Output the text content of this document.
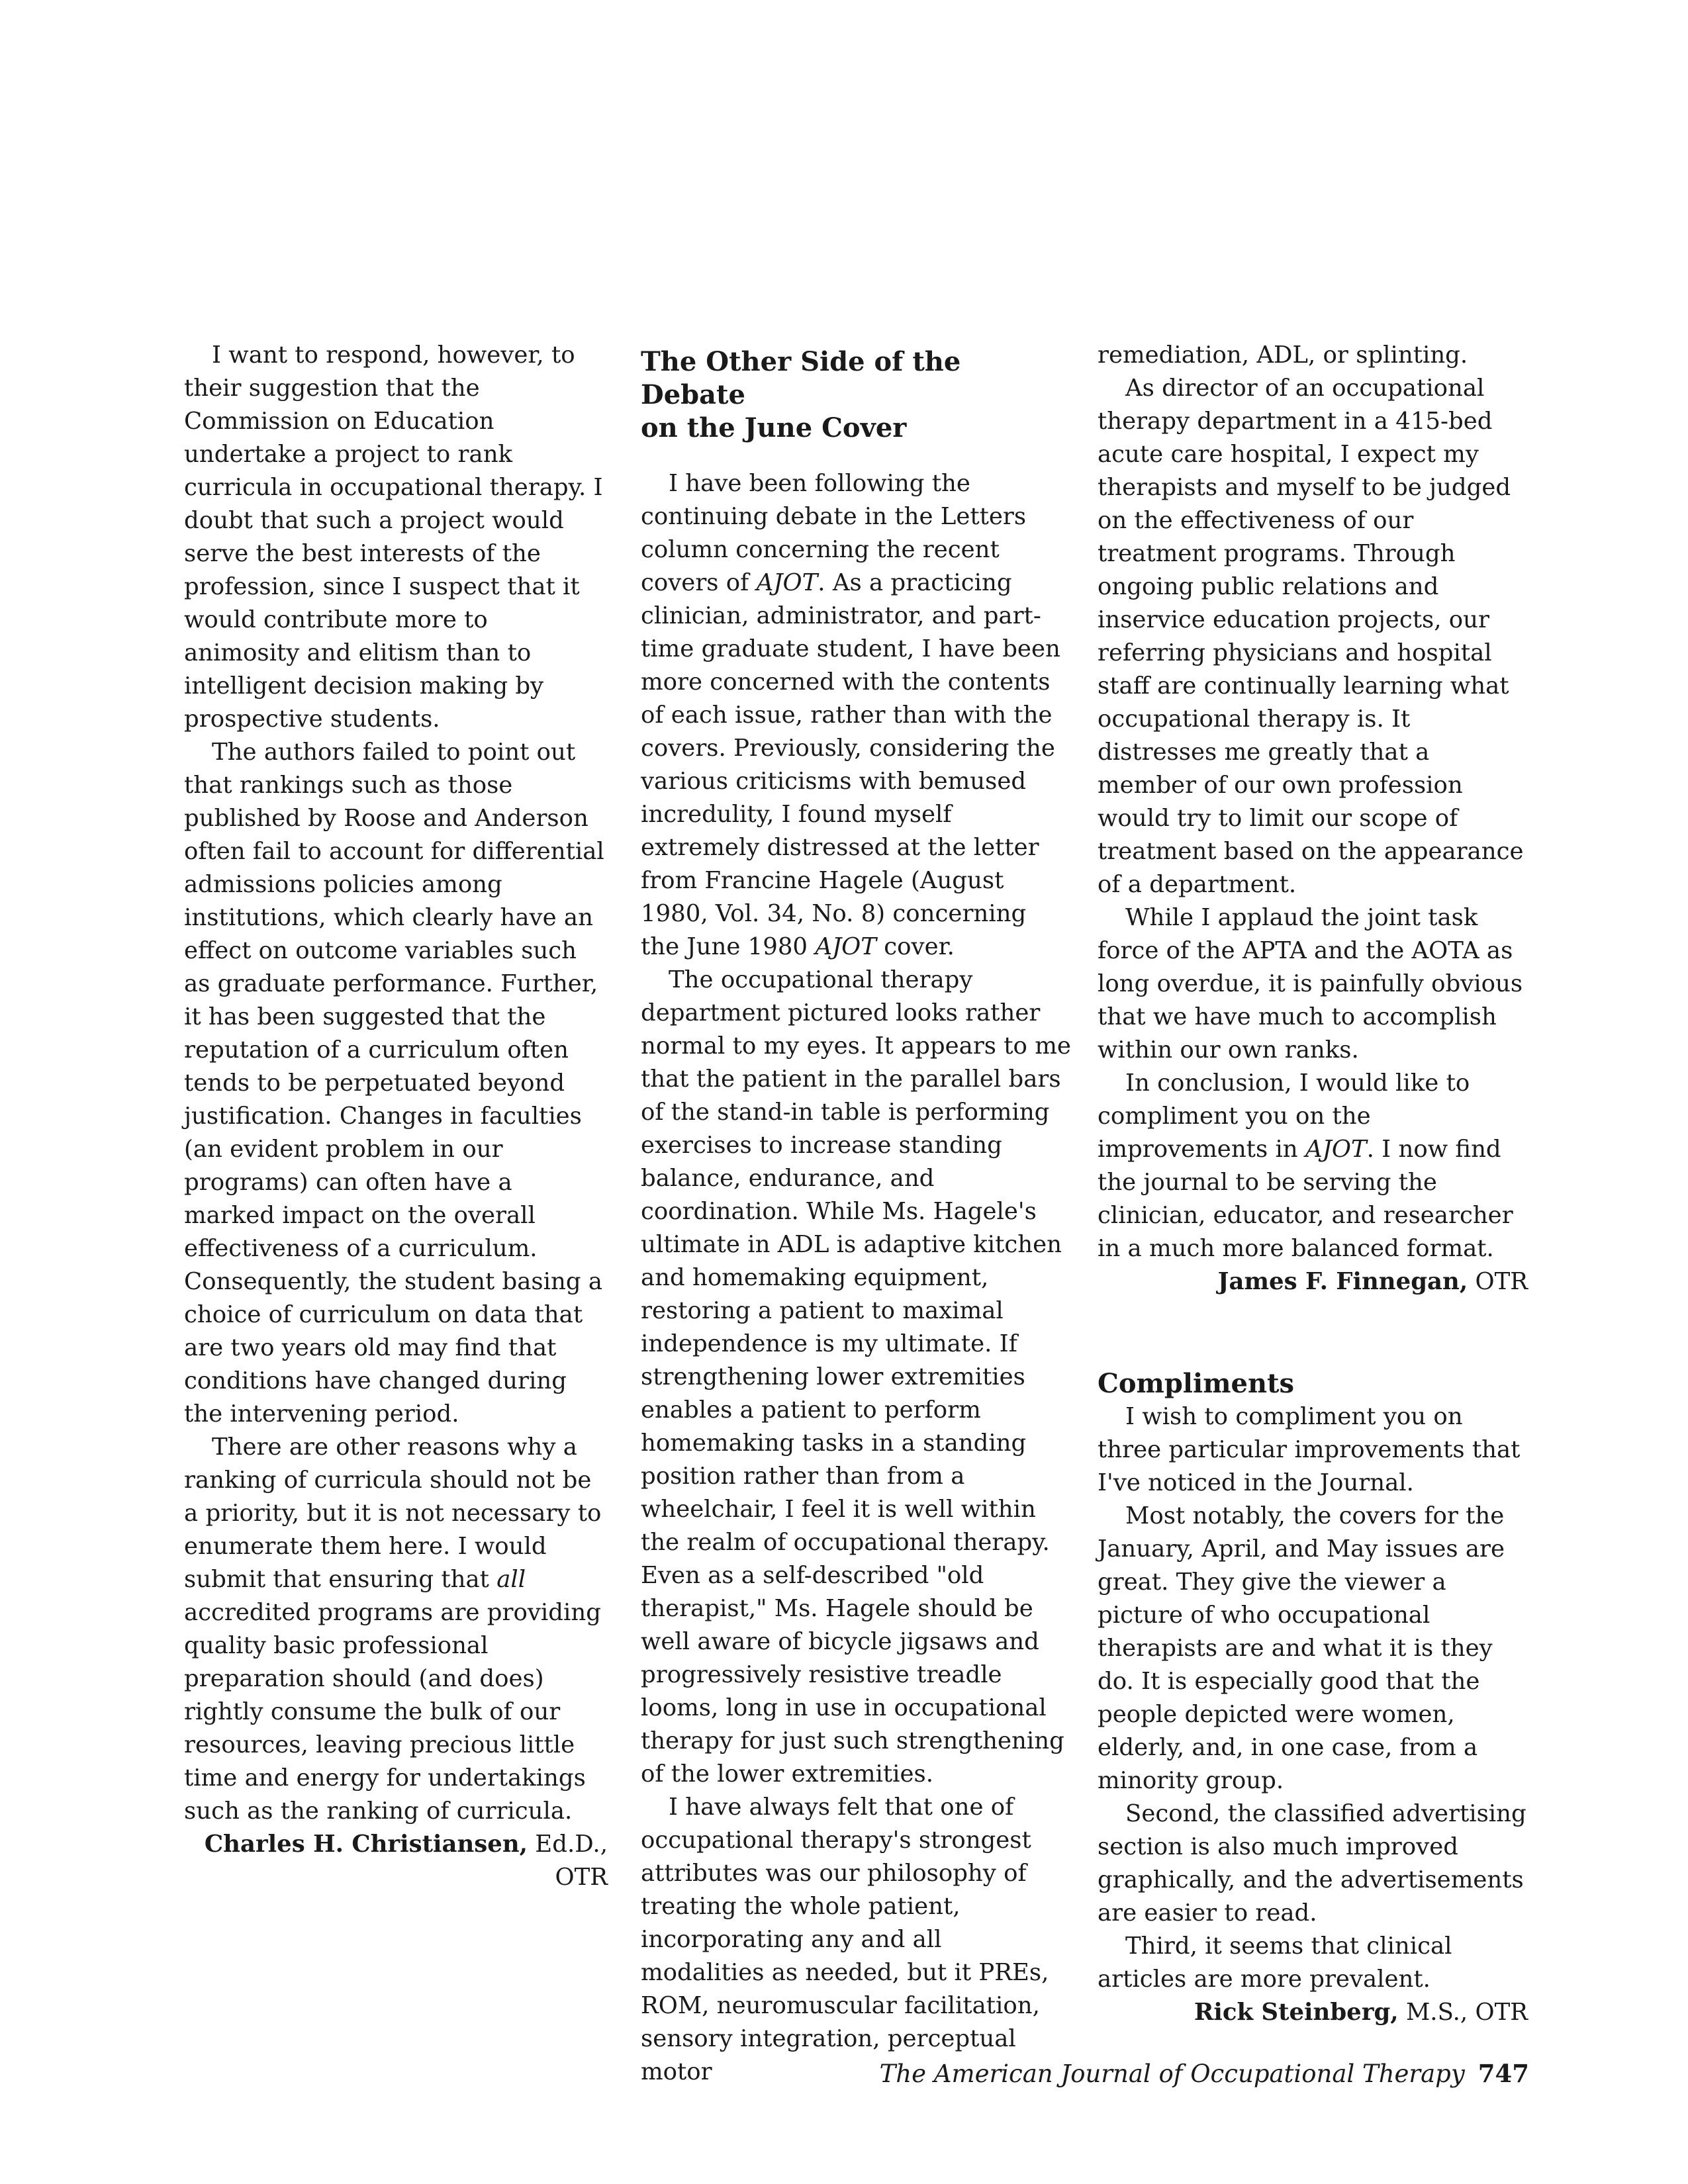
I want to respond, however, to their suggestion that the Commission on Education undertake a project to rank curricula in occupational therapy. I doubt that such a project would serve the best interests of the profession, since I suspect that it would contribute more to animosity and elitism than to intelligent decision making by prospective students.

The authors failed to point out that rankings such as those published by Roose and Anderson often fail to account for differential admissions policies among institutions, which clearly have an effect on outcome variables such as graduate performance. Further, it has been suggested that the reputation of a curriculum often tends to be perpetuated beyond justification. Changes in faculties (an evident problem in our programs) can often have a marked impact on the overall effectiveness of a curriculum. Consequently, the student basing a choice of curriculum on data that are two years old may find that conditions have changed during the intervening period.

There are other reasons why a ranking of curricula should not be a priority, but it is not necessary to enumerate them here. I would submit that ensuring that all accredited programs are providing quality basic professional preparation should (and does) rightly consume the bulk of our resources, leaving precious little time and energy for undertakings such as the ranking of curricula.

Charles H. Christiansen, Ed.D.,

OTR

The Other Side of the Debate
on the June Cover

I have been following the continuing debate in the Letters column concerning the recent covers of AJOT. As a practicing clinician, administrator, and part-time graduate student, I have been more concerned with the contents of each issue, rather than with the covers. Previously, considering the various criticisms with bemused incredulity, I found myself extremely distressed at the letter from Francine Hagele (August 1980, Vol. 34, No. 8) concerning the June 1980 AJOT cover.

The occupational therapy department pictured looks rather normal to my eyes. It appears to me that the patient in the parallel bars of the stand-in table is performing exercises to increase standing balance, endurance, and coordination. While Ms. Hagele's ultimate in ADL is adaptive kitchen and homemaking equipment, restoring a patient to maximal independence is my ultimate. If strengthening lower extremities enables a patient to perform homemaking tasks in a standing position rather than from a wheelchair, I feel it is well within the realm of occupational therapy. Even as a self-described "old therapist," Ms. Hagele should be well aware of bicycle jigsaws and progressively resistive treadle looms, long in use in occupational therapy for just such strengthening of the lower extremities.

I have always felt that one of occupational therapy's strongest attributes was our philosophy of treating the whole patient, incorporating any and all modalities as needed, but it PREs, ROM, neuromuscular facilitation, sensory integration, perceptual motor

remediation, ADL, or splinting.

As director of an occupational therapy department in a 415-bed acute care hospital, I expect my therapists and myself to be judged on the effectiveness of our treatment programs. Through ongoing public relations and inservice education projects, our referring physicians and hospital staff are continually learning what occupational therapy is. It distresses me greatly that a member of our own profession would try to limit our scope of treatment based on the appearance of a department.

While I applaud the joint task force of the APTA and the AOTA as long overdue, it is painfully obvious that we have much to accomplish within our own ranks.

In conclusion, I would like to compliment you on the improvements in AJOT. I now find the journal to be serving the clinician, educator, and researcher in a much more balanced format.

James F. Finnegan, OTR

Compliments

I wish to compliment you on three particular improvements that I've noticed in the Journal.

Most notably, the covers for the January, April, and May issues are great. They give the viewer a picture of who occupational therapists are and what it is they do. It is especially good that the people depicted were women, elderly, and, in one case, from a minority group.

Second, the classified advertising section is also much improved graphically, and the advertisements are easier to read.

Third, it seems that clinical articles are more prevalent.

Rick Steinberg, M.S., OTR

The American Journal of Occupational Therapy 747
